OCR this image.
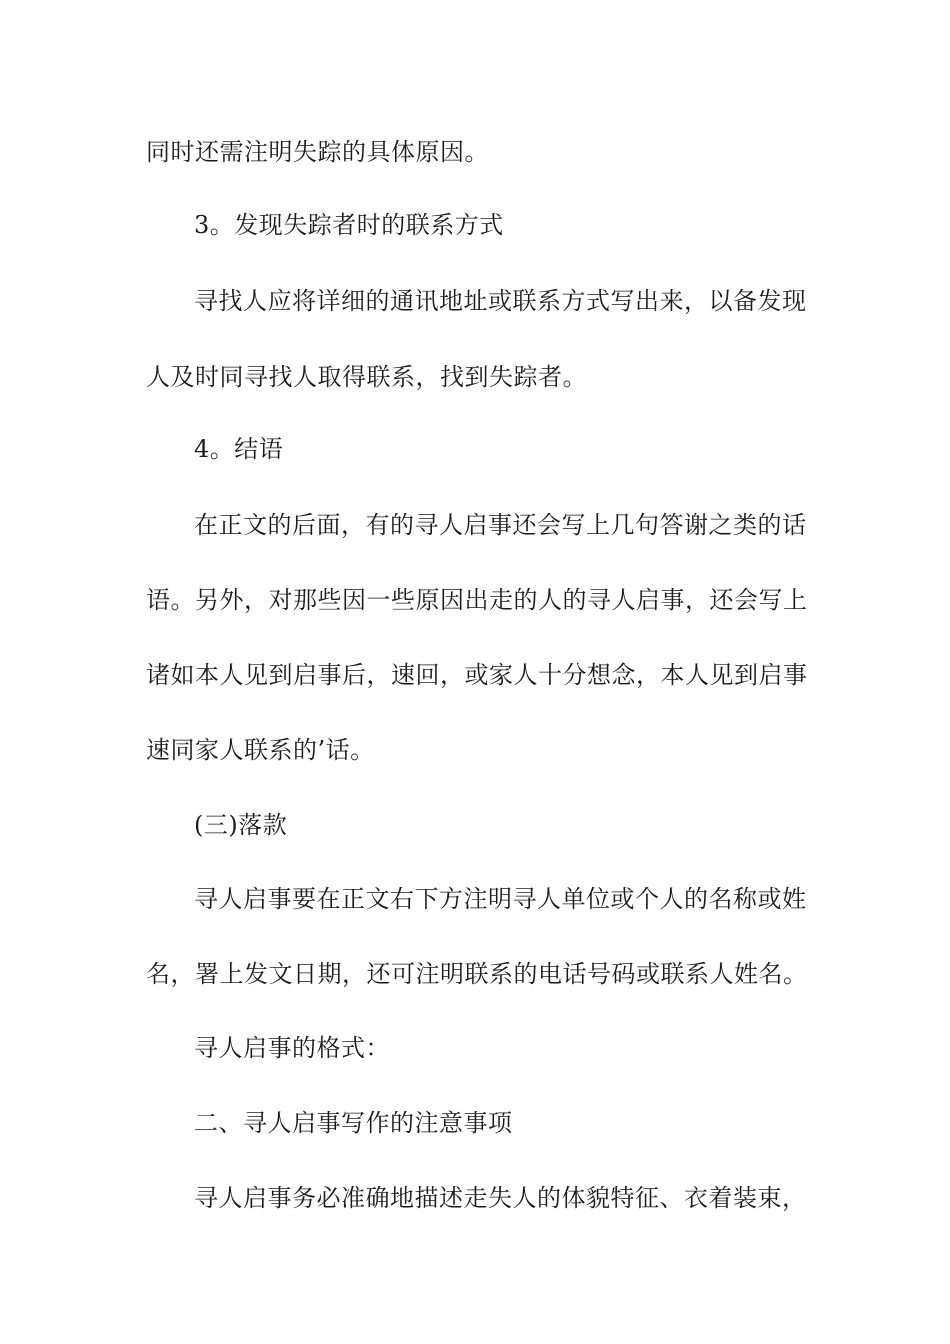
同时还需注明失踪的具体原因。
3。发现失踪者时的联系方式
寻找人应将详细的通讯地址或联系方式写出来，以备发现
人及时同寻找人取得联系，找到失踪者。
4。结语
在正文的后面，有的寻人启事还会写上几句答谢之类的话
语。另外，对那些因一些原因出走的人的寻人启事，还会写上
诸如本人见到启事后，速回，或家人十分想念，本人见到启事
速同家人联系的’话。
(三)落款
寻人启事要在正文右下方注明寻人单位或个人的名称或姓
名，署上发文日期，还可注明联系的电话号码或联系人姓名。
寻人启事的格式：
二、寻人启事写作的注意事项
寻人启事务必准确地描述走失人的体貌特征、衣着装束，
